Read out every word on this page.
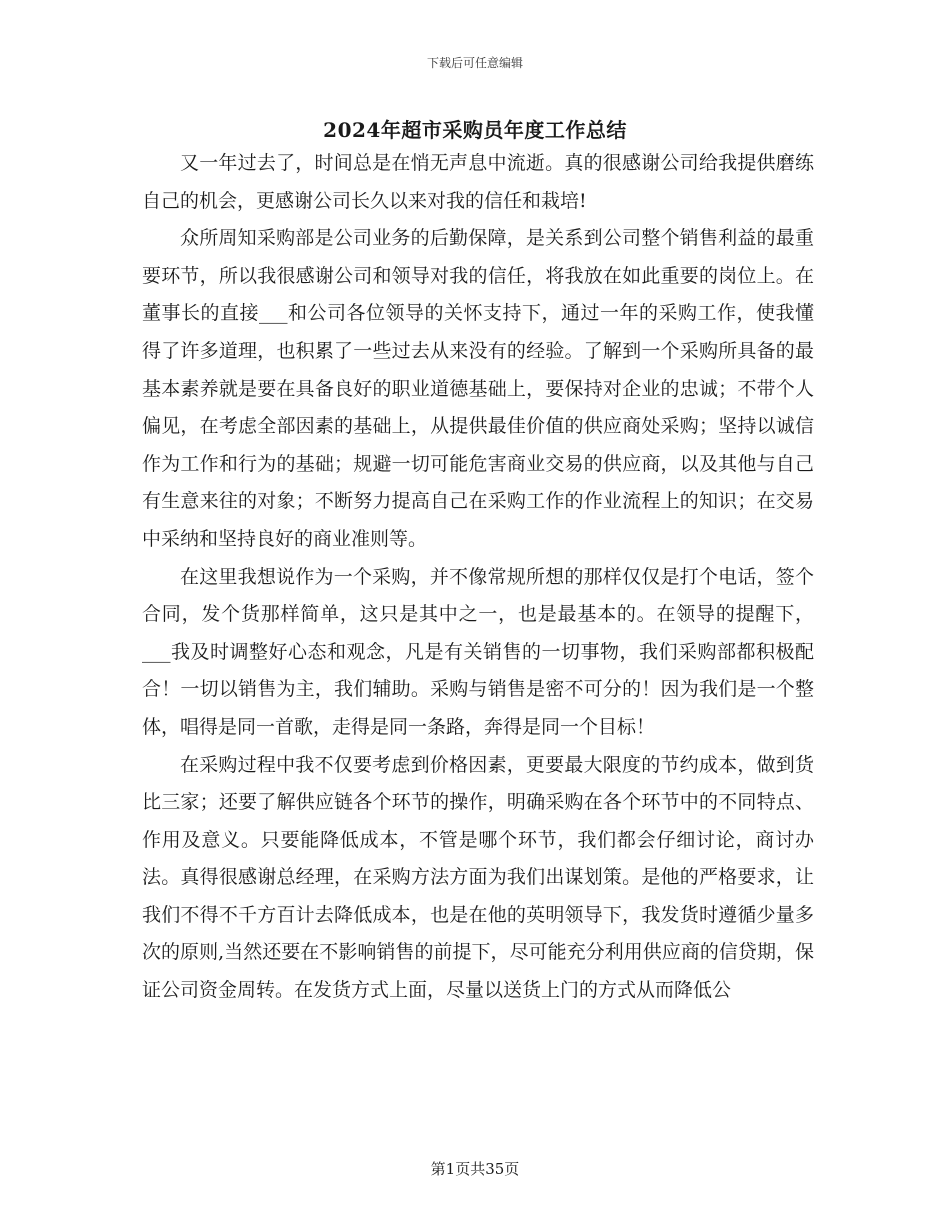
下载后可任意编辑
2024年超市采购员年度工作总结

又一年过去了，时间总是在悄无声息中流逝。真的很感谢公司给我提供磨练自己的机会，更感谢公司长久以来对我的信任和栽培!

众所周知采购部是公司业务的后勤保障，是关系到公司整个销售利益的最重要环节，所以我很感谢公司和领导对我的信任，将我放在如此重要的岗位上。在董事长的直接___和公司各位领导的关怀支持下，通过一年的采购工作，使我懂得了许多道理，也积累了一些过去从来没有的经验。了解到一个采购所具备的最基本素养就是要在具备良好的职业道德基础上，要保持对企业的忠诚；不带个人偏见，在考虑全部因素的基础上，从提供最佳价值的供应商处采购；坚持以诚信作为工作和行为的基础；规避一切可能危害商业交易的供应商，以及其他与自己有生意来往的对象；不断努力提高自己在采购工作的作业流程上的知识；在交易中采纳和坚持良好的商业准则等。

在这里我想说作为一个采购，并不像常规所想的那样仅仅是打个电话，签个合同，发个货那样简单，这只是其中之一，也是最基本的。在领导的提醒下，___我及时调整好心态和观念，凡是有关销售的一切事物，我们采购部都积极配合！一切以销售为主，我们辅助。采购与销售是密不可分的！因为我们是一个整体，唱得是同一首歌，走得是同一条路，奔得是同一个目标！

在采购过程中我不仅要考虑到价格因素，更要最大限度的节约成本，做到货比三家；还要了解供应链各个环节的操作，明确采购在各个环节中的不同特点、作用及意义。只要能降低成本，不管是哪个环节，我们都会仔细讨论，商讨办法。真得很感谢总经理，在采购方法方面为我们出谋划策。是他的严格要求，让我们不得不千方百计去降低成本，也是在他的英明领导下，我发货时遵循少量多次的原则,当然还要在不影响销售的前提下，尽可能充分利用供应商的信贷期，保证公司资金周转。在发货方式上面，尽量以送货上门的方式从而降低公

第1页共35页
